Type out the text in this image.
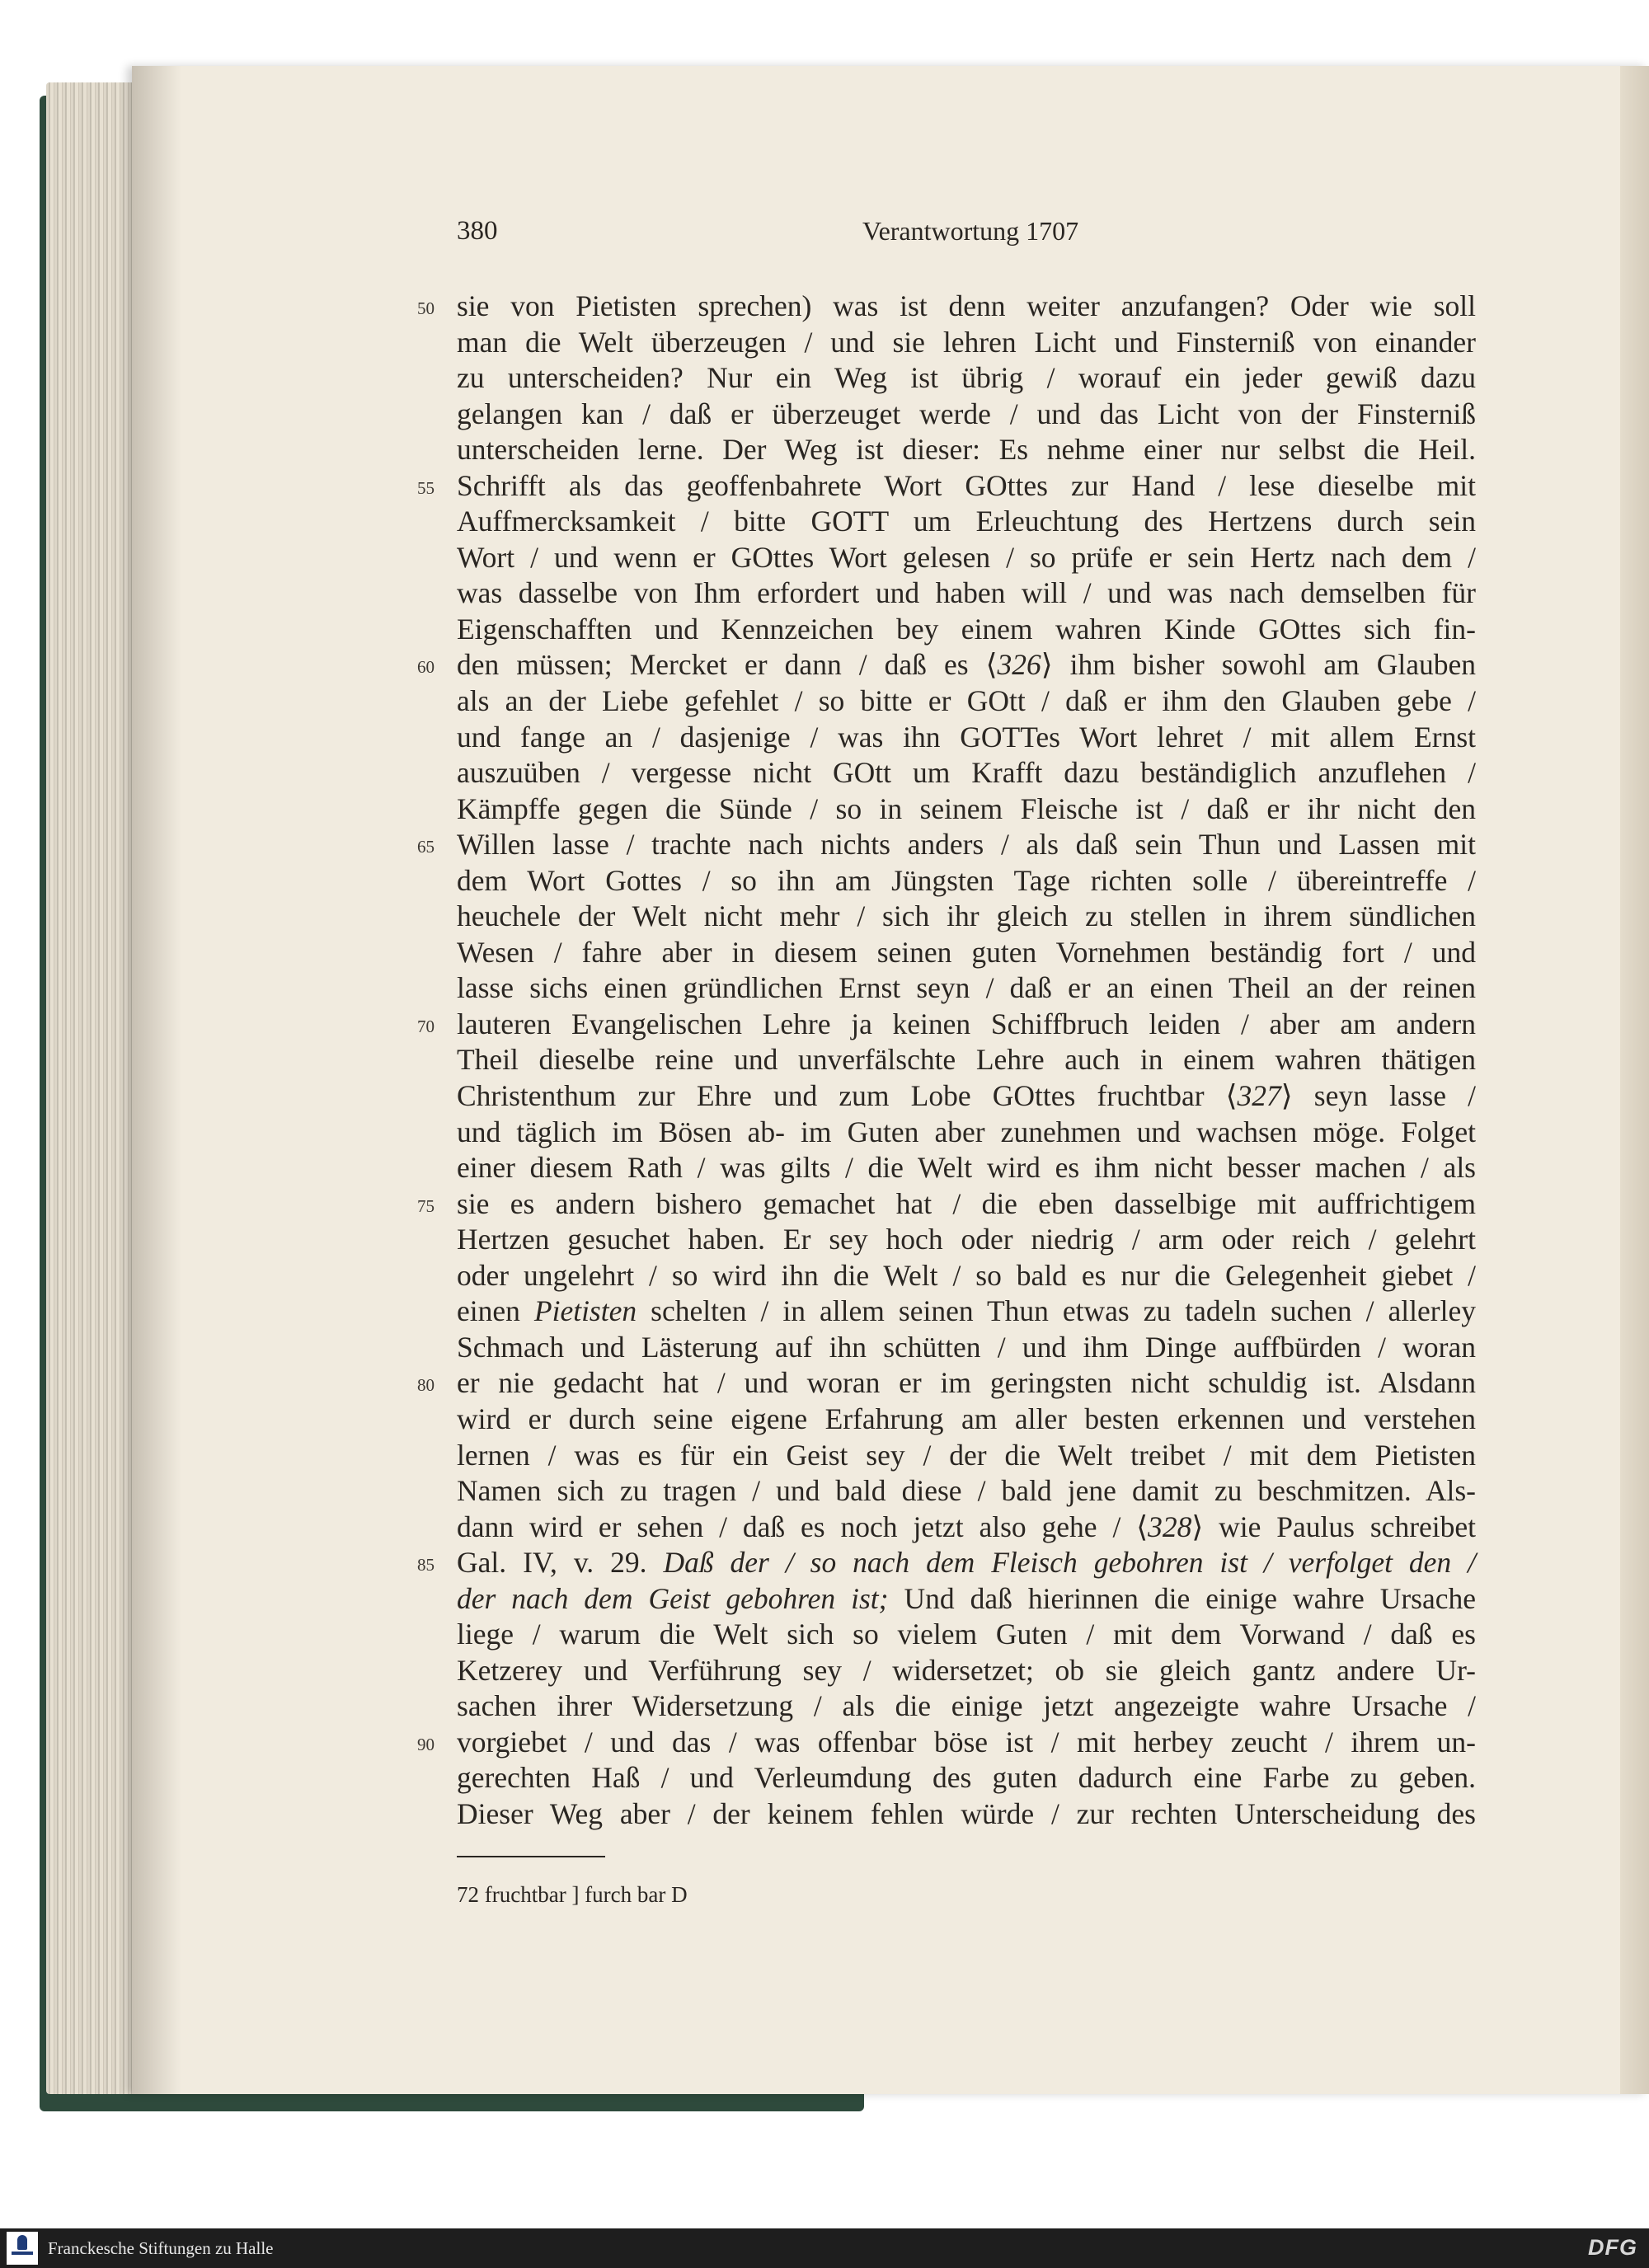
380	Verantwortung 1707
50 sie von Pietisten sprechen) was ist denn weiter anzufangen? Oder wie soll
man die Welt überzeugen / und sie lehren Licht und Finsterniß von einander
zu unterscheiden? Nur ein Weg ist übrig / worauf ein jeder gewiß dazu
gelangen kan / daß er überzeuget werde / und das Licht von der Finsterniß
unterscheiden lerne. Der Weg ist dieser: Es nehme einer nur selbst die Heil.
55 Schrifft als das geoffenbahrete Wort GOttes zur Hand / lese dieselbe mit
Auffmercksamkeit / bitte GOTT um Erleuchtung des Hertzens durch sein
Wort / und wenn er GOttes Wort gelesen / so prüfe er sein Hertz nach dem /
was dasselbe von Ihm erfordert und haben will / und was nach demselben für
Eigenschafften und Kennzeichen bey einem wahren Kinde GOttes sich fin-
60 den müssen; Mercket er dann / daß es ⟨326⟩ ihm bisher sowohl am Glauben
als an der Liebe gefehlet / so bitte er GOtt / daß er ihm den Glauben gebe /
und fange an / dasjenige / was ihn GOTTes Wort lehret / mit allem Ernst
auszuüben / vergesse nicht GOtt um Krafft dazu beständiglich anzuflehen /
Kämpffe gegen die Sünde / so in seinem Fleische ist / daß er ihr nicht den
65 Willen lasse / trachte nach nichts anders / als daß sein Thun und Lassen mit
dem Wort Gottes / so ihn am Jüngsten Tage richten solle / übereintreffe /
heuchele der Welt nicht mehr / sich ihr gleich zu stellen in ihrem sündlichen
Wesen / fahre aber in diesem seinen guten Vornehmen beständig fort / und
lasse sichs einen gründlichen Ernst seyn / daß er an einen Theil an der reinen
70 lauteren Evangelischen Lehre ja keinen Schiffbruch leiden / aber am andern
Theil dieselbe reine und unverfälschte Lehre auch in einem wahren thätigen
Christenthum zur Ehre und zum Lobe GOttes fruchtbar ⟨327⟩ seyn lasse /
und täglich im Bösen ab- im Guten aber zunehmen und wachsen möge. Folget
einer diesem Rath / was gilts / die Welt wird es ihm nicht besser machen / als
75 sie es andern bishero gemachet hat / die eben dasselbige mit auffrichtigem
Hertzen gesuchet haben. Er sey hoch oder niedrig / arm oder reich / gelehrt
oder ungelehrt / so wird ihn die Welt / so bald es nur die Gelegenheit giebet /
einen Pietisten schelten / in allem seinen Thun etwas zu tadeln suchen / allerley
Schmach und Lästerung auf ihn schütten / und ihm Dinge auffbürden / woran
80 er nie gedacht hat / und woran er im geringsten nicht schuldig ist. Alsdann
wird er durch seine eigene Erfahrung am aller besten erkennen und verstehen
lernen / was es für ein Geist sey / der die Welt treibet / mit dem Pietisten
Namen sich zu tragen / und bald diese / bald jene damit zu beschmitzen. Als-
dann wird er sehen / daß es noch jetzt also gehe / ⟨328⟩ wie Paulus schreibet
85 Gal. IV, v. 29. Daß der / so nach dem Fleisch gebohren ist / verfolget den /
der nach dem Geist gebohren ist; Und daß hierinnen die einige wahre Ursache
liege / warum die Welt sich so vielem Guten / mit dem Vorwand / daß es
Ketzerey und Verführung sey / widersetzet; ob sie gleich gantz andere Ur-
sachen ihrer Widersetzung / als die einige jetzt angezeigte wahre Ursache /
90 vorgiebet / und das / was offenbar böse ist / mit herbey zeucht / ihrem un-
gerechten Haß / und Verleumdung des guten dadurch eine Farbe zu geben.
Dieser Weg aber / der keinem fehlen würde / zur rechten Unterscheidung des
72 fruchtbar ] furch bar D
Franckesche Stiftungen zu Halle	DFG
